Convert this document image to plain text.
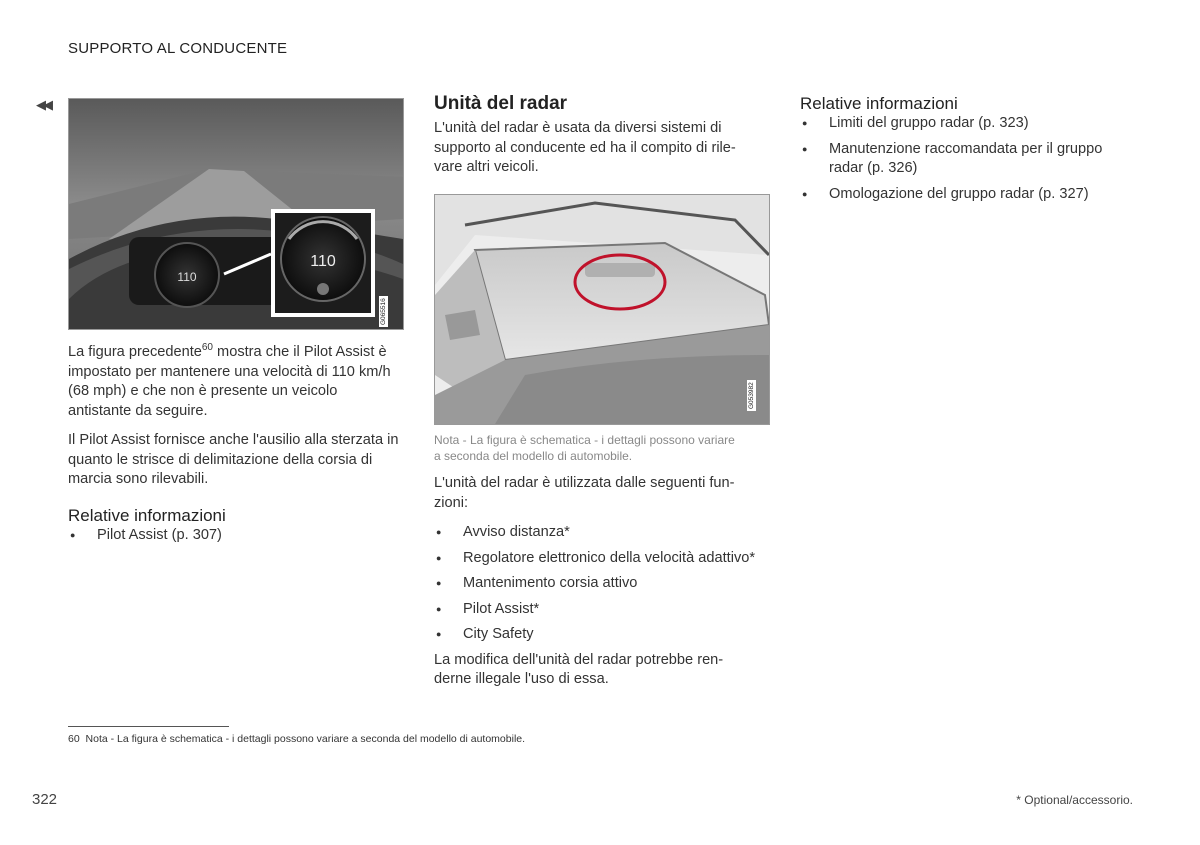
SUPPORTO AL CONDUCENTE
◀◀
110
110
G065516

La figura precedente$^{60}$ mostra che il Pilot Assist è impostato per mantenere una velocità di 110 km/h (68 mph) e che non è presente un veicolo antistante da seguire.

Il Pilot Assist fornisce anche l'ausilio alla sterzata in quanto le strisce di delimitazione della corsia di marcia sono rilevabili.

Relative informazioni
● Pilot Assist (p. 307)
Unità del radar

L'unità del radar è usata da diversi sistemi di supporto al conducente ed ha il compito di rile-vare altri veicoli.

G053982

Nota - La figura è schematica - i dettagli possono variare a seconda del modello di automobile.

L'unità del radar è utilizzata dalle seguenti fun-zioni:

● Avviso distanza*
● Regolatore elettronico della velocità adattivo*
● Mantenimento corsia attivo
● Pilot Assist*
● City Safety

La modifica dell'unità del radar potrebbe ren-derne illegale l'uso di essa.

Relative informazioni
● Limiti del gruppo radar (p. 323)
● Manutenzione raccomandata per il gruppo radar (p. 326)
● Omologazione del gruppo radar (p. 327)
60 Nota - La figura è schematica - i dettagli possono variare a seconda del modello di automobile.
322	* Optional/accessorio.
